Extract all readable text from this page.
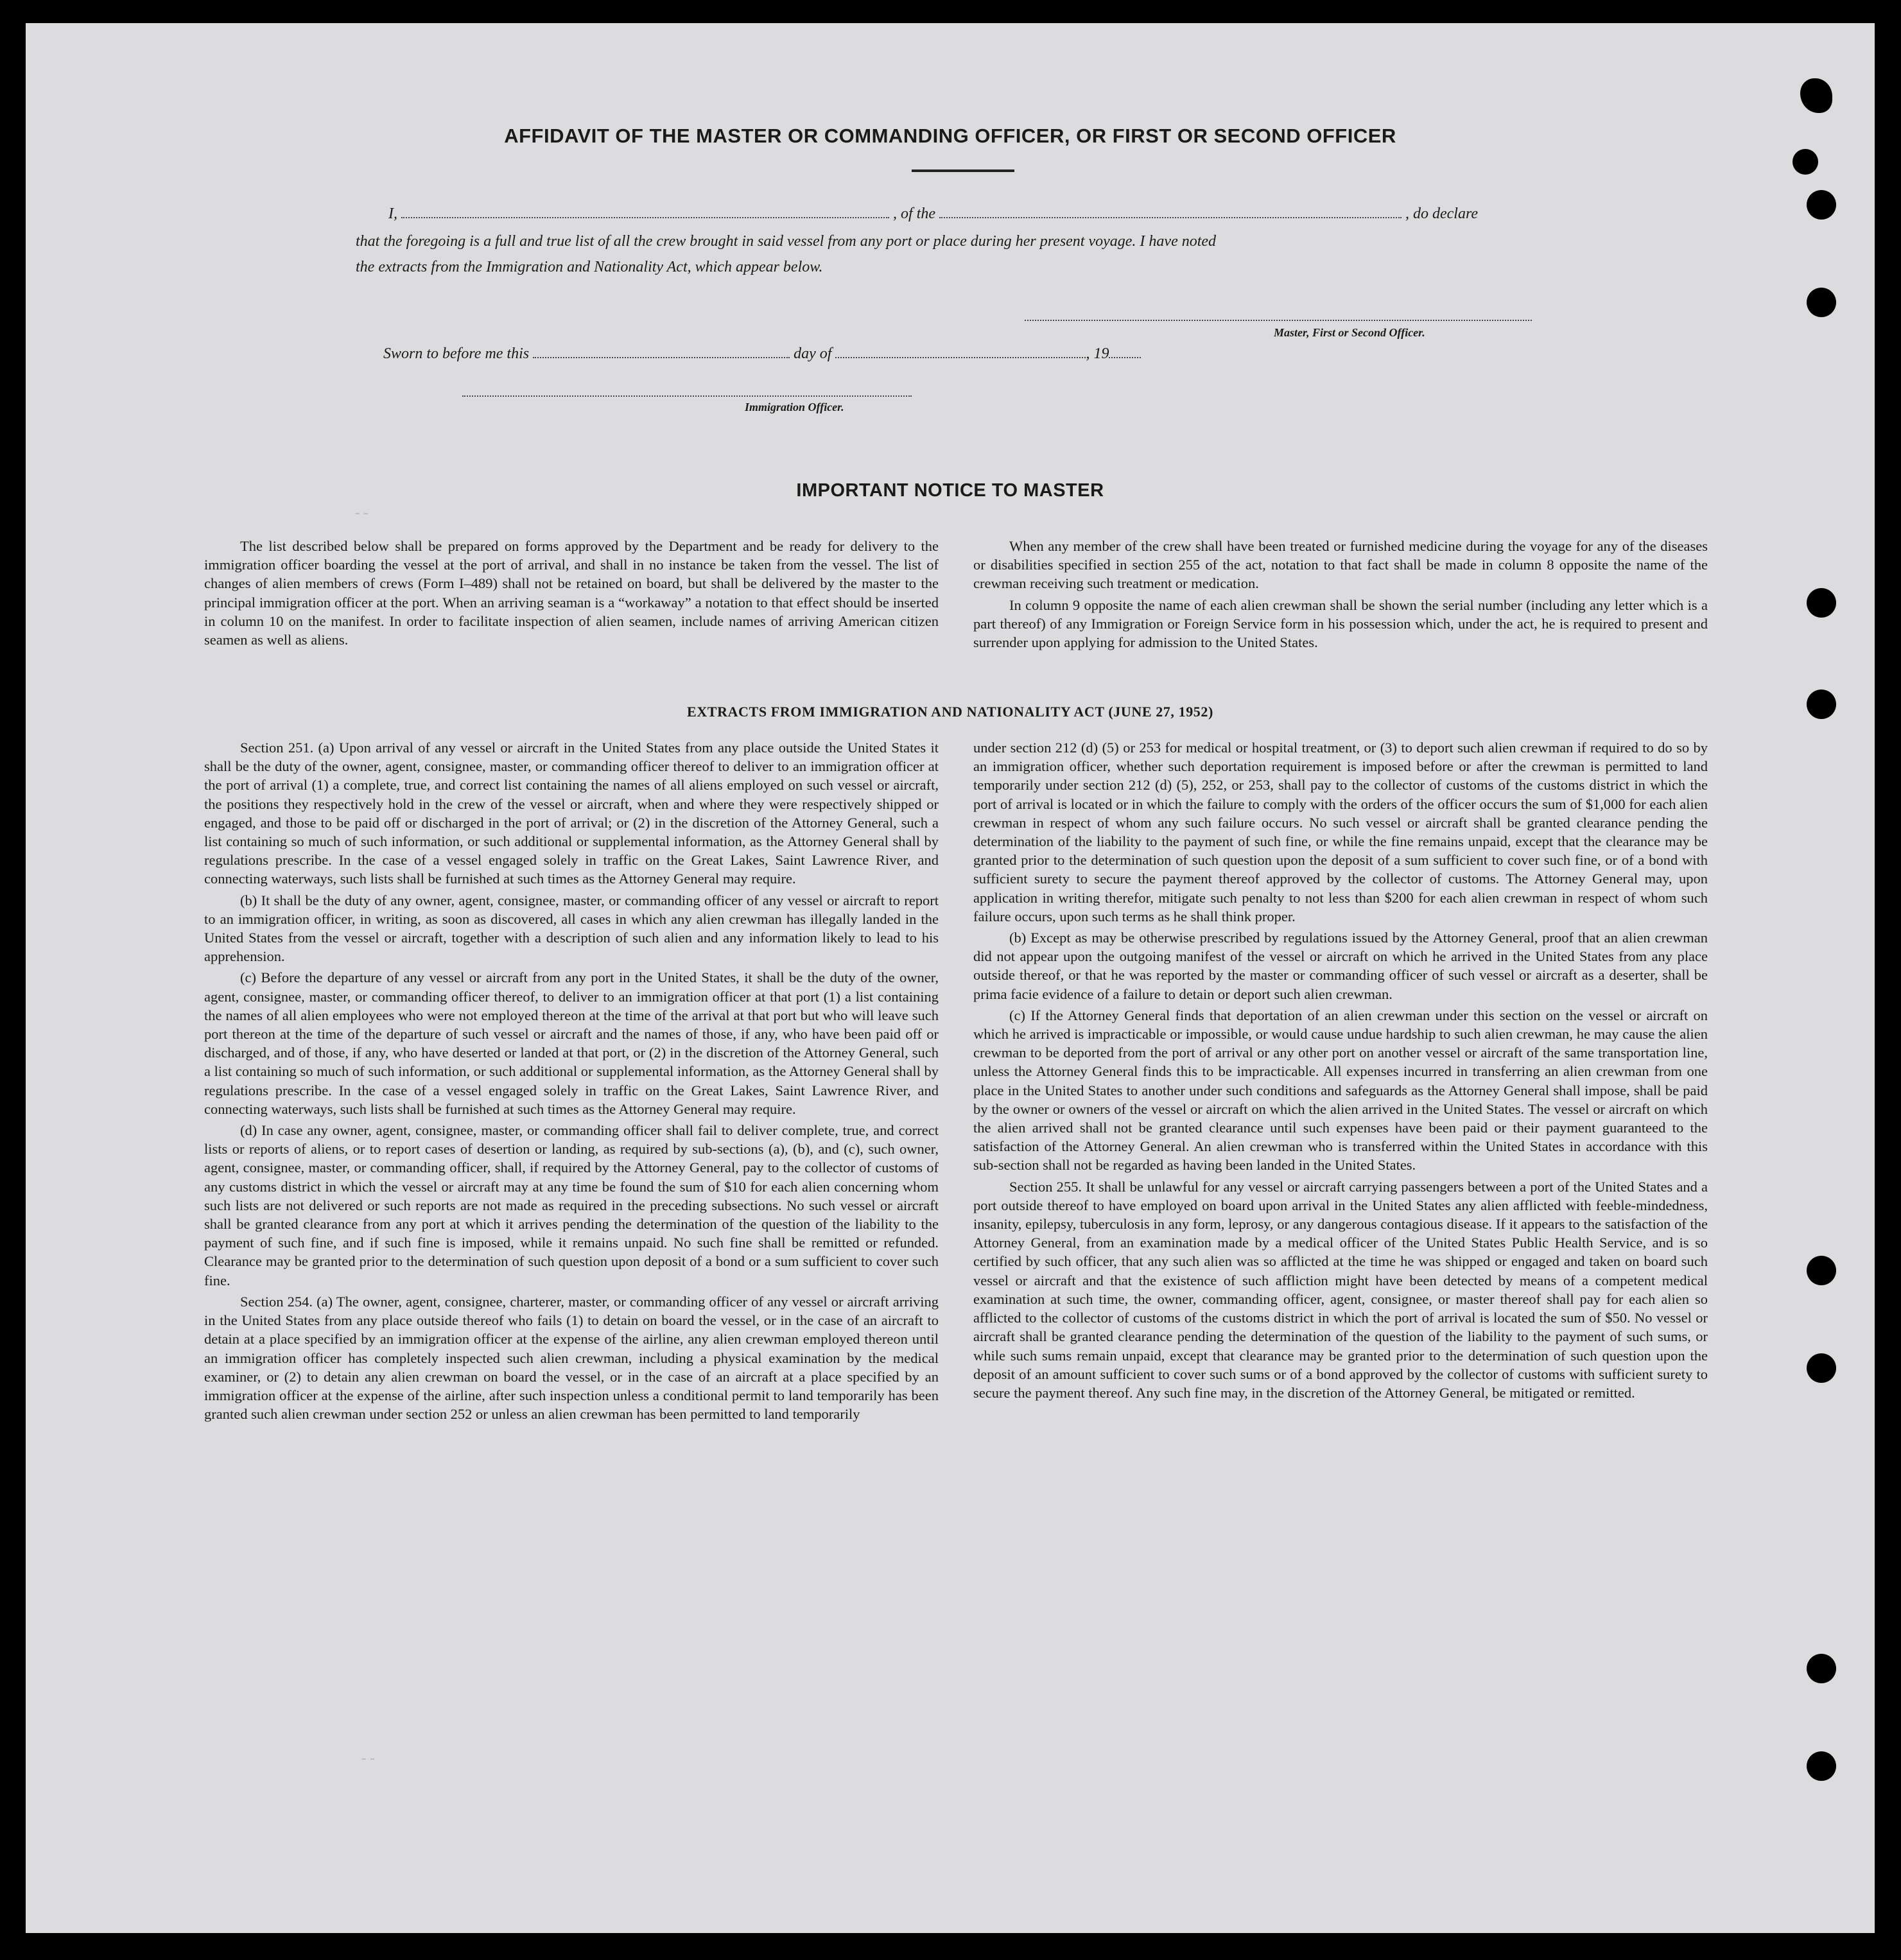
AFFIDAVIT OF THE MASTER OR COMMANDING OFFICER, OR FIRST OR SECOND OFFICER
I,	, of the	, do declare
that the foregoing is a full and true list of all the crew brought in said vessel from any port or place during her present voyage. I have noted
the extracts from the Immigration and Nationality Act, which appear below.
Master, First or Second Officer.
Sworn to before me this	day of	, 19
Immigration Officer.
--
--
IMPORTANT NOTICE TO MASTER

The list described below shall be prepared on forms approved by the Department and be ready for delivery to the immigration officer boarding the vessel at the port of arrival, and shall in no instance be taken from the vessel. The list of changes of alien members of crews (Form I–489) shall not be retained on board, but shall be delivered by the master to the principal immigration officer at the port. When an arriving seaman is a “workaway” a notation to that effect should be inserted in column 10 on the manifest. In order to facilitate inspection of alien seamen, include names of arriving American citizen seamen as well as aliens.

When any member of the crew shall have been treated or furnished medicine during the voyage for any of the diseases or disabilities specified in section 255 of the act, notation to that fact shall be made in column 8 opposite the name of the crewman receiving such treatment or medication.

In column 9 opposite the name of each alien crewman shall be shown the serial number (including any letter which is a part thereof) of any Immigration or Foreign Service form in his possession which, under the act, he is required to present and surrender upon applying for admission to the United States.

EXTRACTS FROM IMMIGRATION AND NATIONALITY ACT (JUNE 27, 1952)

Section 251. (a) Upon arrival of any vessel or aircraft in the United States from any place outside the United States it shall be the duty of the owner, agent, consignee, master, or commanding officer thereof to deliver to an immigration officer at the port of arrival (1) a complete, true, and correct list containing the names of all aliens employed on such vessel or aircraft, the positions they respectively hold in the crew of the vessel or aircraft, when and where they were respectively shipped or engaged, and those to be paid off or discharged in the port of arrival; or (2) in the discretion of the Attorney General, such a list containing so much of such information, or such additional or supplemental information, as the Attorney General shall by regulations prescribe. In the case of a vessel engaged solely in traffic on the Great Lakes, Saint Lawrence River, and connecting waterways, such lists shall be furnished at such times as the Attorney General may require.

(b) It shall be the duty of any owner, agent, consignee, master, or commanding officer of any vessel or aircraft to report to an immigration officer, in writing, as soon as discovered, all cases in which any alien crewman has illegally landed in the United States from the vessel or aircraft, together with a description of such alien and any information likely to lead to his apprehension.

(c) Before the departure of any vessel or aircraft from any port in the United States, it shall be the duty of the owner, agent, consignee, master, or commanding officer thereof, to deliver to an immigration officer at that port (1) a list containing the names of all alien employees who were not employed thereon at the time of the arrival at that port but who will leave such port thereon at the time of the departure of such vessel or aircraft and the names of those, if any, who have been paid off or discharged, and of those, if any, who have deserted or landed at that port, or (2) in the discretion of the Attorney General, such a list containing so much of such information, or such additional or supplemental information, as the Attorney General shall by regulations prescribe. In the case of a vessel engaged solely in traffic on the Great Lakes, Saint Lawrence River, and connecting waterways, such lists shall be furnished at such times as the Attorney General may require.

(d) In case any owner, agent, consignee, master, or commanding officer shall fail to deliver complete, true, and correct lists or reports of aliens, or to report cases of desertion or landing, as required by sub-sections (a), (b), and (c), such owner, agent, consignee, master, or commanding officer, shall, if required by the Attorney General, pay to the collector of customs of any customs district in which the vessel or aircraft may at any time be found the sum of $10 for each alien concerning whom such lists are not delivered or such reports are not made as required in the preceding subsections. No such vessel or aircraft shall be granted clearance from any port at which it arrives pending the determination of the question of the liability to the payment of such fine, and if such fine is imposed, while it remains unpaid. No such fine shall be remitted or refunded. Clearance may be granted prior to the determination of such question upon deposit of a bond or a sum sufficient to cover such fine.

Section 254. (a) The owner, agent, consignee, charterer, master, or commanding officer of any vessel or aircraft arriving in the United States from any place outside thereof who fails (1) to detain on board the vessel, or in the case of an aircraft to detain at a place specified by an immigration officer at the expense of the airline, any alien crewman employed thereon until an immigration officer has completely inspected such alien crewman, including a physical examination by the medical examiner, or (2) to detain any alien crewman on board the vessel, or in the case of an aircraft at a place specified by an immigration officer at the expense of the airline, after such inspection unless a conditional permit to land temporarily has been granted such alien crewman under section 252 or unless an alien crewman has been permitted to land temporarily

under section 212 (d) (5) or 253 for medical or hospital treatment, or (3) to deport such alien crewman if required to do so by an immigration officer, whether such deportation requirement is imposed before or after the crewman is permitted to land temporarily under section 212 (d) (5), 252, or 253, shall pay to the collector of customs of the customs district in which the port of arrival is located or in which the failure to comply with the orders of the officer occurs the sum of $1,000 for each alien crewman in respect of whom any such failure occurs. No such vessel or aircraft shall be granted clearance pending the determination of the liability to the payment of such fine, or while the fine remains unpaid, except that the clearance may be granted prior to the determination of such question upon the deposit of a sum sufficient to cover such fine, or of a bond with sufficient surety to secure the payment thereof approved by the collector of customs. The Attorney General may, upon application in writing therefor, mitigate such penalty to not less than $200 for each alien crewman in respect of whom such failure occurs, upon such terms as he shall think proper.

(b) Except as may be otherwise prescribed by regulations issued by the Attorney General, proof that an alien crewman did not appear upon the outgoing manifest of the vessel or aircraft on which he arrived in the United States from any place outside thereof, or that he was reported by the master or commanding officer of such vessel or aircraft as a deserter, shall be prima facie evidence of a failure to detain or deport such alien crewman.

(c) If the Attorney General finds that deportation of an alien crewman under this section on the vessel or aircraft on which he arrived is impracticable or impossible, or would cause undue hardship to such alien crewman, he may cause the alien crewman to be deported from the port of arrival or any other port on another vessel or aircraft of the same transportation line, unless the Attorney General finds this to be impracticable. All expenses incurred in transferring an alien crewman from one place in the United States to another under such conditions and safeguards as the Attorney General shall impose, shall be paid by the owner or owners of the vessel or aircraft on which the alien arrived in the United States. The vessel or aircraft on which the alien arrived shall not be granted clearance until such expenses have been paid or their payment guaranteed to the satisfaction of the Attorney General. An alien crewman who is transferred within the United States in accordance with this sub-section shall not be regarded as having been landed in the United States.

Section 255. It shall be unlawful for any vessel or aircraft carrying passengers between a port of the United States and a port outside thereof to have employed on board upon arrival in the United States any alien afflicted with feeble-mindedness, insanity, epilepsy, tuberculosis in any form, leprosy, or any dangerous contagious disease. If it appears to the satisfaction of the Attorney General, from an examination made by a medical officer of the United States Public Health Service, and is so certified by such officer, that any such alien was so afflicted at the time he was shipped or engaged and taken on board such vessel or aircraft and that the existence of such affliction might have been detected by means of a competent medical examination at such time, the owner, commanding officer, agent, consignee, or master thereof shall pay for each alien so afflicted to the collector of customs of the customs district in which the port of arrival is located the sum of $50. No vessel or aircraft shall be granted clearance pending the determination of the question of the liability to the payment of such sums, or while such sums remain unpaid, except that clearance may be granted prior to the determination of such question upon the deposit of an amount sufficient to cover such sums or of a bond approved by the collector of customs with sufficient surety to secure the payment thereof. Any such fine may, in the discretion of the Attorney General, be mitigated or remitted.
